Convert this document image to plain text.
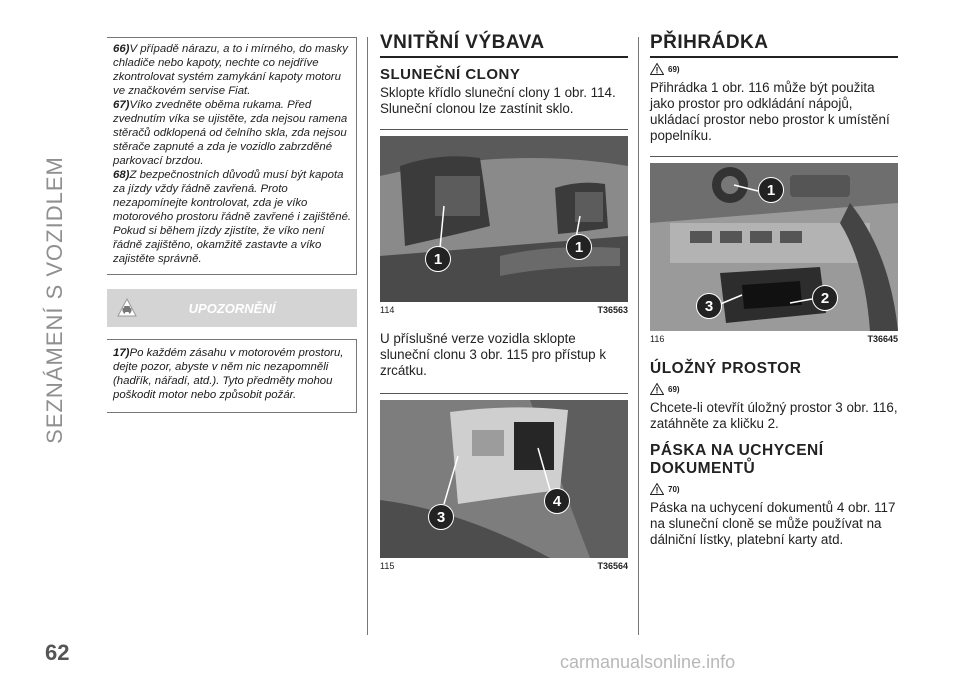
SEZNÁMENÍ S VOZIDLEM
62	carmanualsonline.info

66)V případě nárazu, a to i mírného, do masky chladiče nebo kapoty, nechte co nejdříve zkontrolovat systém zamykání kapoty motoru ve značkovém servise Fiat.

67)Víko zvedněte oběma rukama. Před zvednutím víka se ujistěte, zda nejsou ramena stěračů odklopená od čelního skla, zda nejsou stěrače zapnuté a zda je vozidlo zabrzděné parkovací brzdou.

68)Z bezpečnostních důvodů musí být kapota za jízdy vždy řádně zavřená. Proto nezapomínejte kontrolovat, zda je víko motorového prostoru řádně zavřené i zajištěné. Pokud si během jízdy zjistíte, že víko není řádně zajištěno, okamžitě zastavte a víko zajistěte správně.

UPOZORNĚNÍ

17)Po každém zásahu v motorovém prostoru, dejte pozor, abyste v něm nic nezapomněli (hadřík, nářadí, atd.). Tyto předměty mohou poškodit motor nebo způsobit požár.

VNITŘNÍ VÝBAVA
SLUNEČNÍ CLONY

Sklopte křídlo sluneční clony 1 obr. 114. Sluneční clonou lze zastínit sklo.

1
1
114	T36563

U příslušné verze vozidla sklopte sluneční clonu 3 obr. 115 pro přístup k zrcátku.

3
4
115	T36564
PŘIHRÁDKA
69)

Přihrádka 1 obr. 116 může být použita jako prostor pro odkládání nápojů, ukládací prostor nebo prostor k umístění popelníku.

1
2
3
116	T36645
ÚLOŽNÝ PROSTOR
69)

Chcete-li otevřít úložný prostor 3 obr. 116, zatáhněte za kličku 2.

PÁSKA NA UCHYCENÍ DOKUMENTŮ
70)

Páska na uchycení dokumentů 4 obr. 117 na sluneční cloně se může používat na dálniční lístky, platební karty atd.
